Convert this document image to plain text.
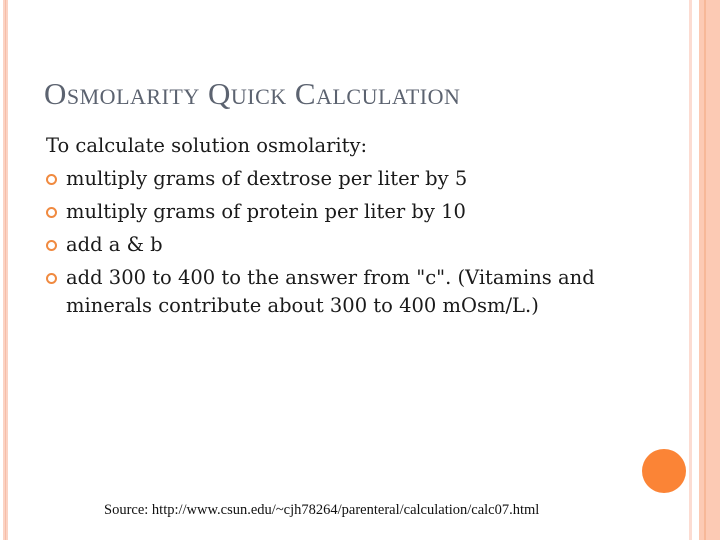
Osmolarity Quick Calculation

To calculate solution osmolarity:

multiply grams of dextrose per liter by 5
multiply grams of protein per liter by 10
add a & b
add 300 to 400 to the answer from "c". (Vitamins and minerals contribute about 300 to 400 mOsm/L.)
Source: http://www.csun.edu/~cjh78264/parenteral/calculation/calc07.html
